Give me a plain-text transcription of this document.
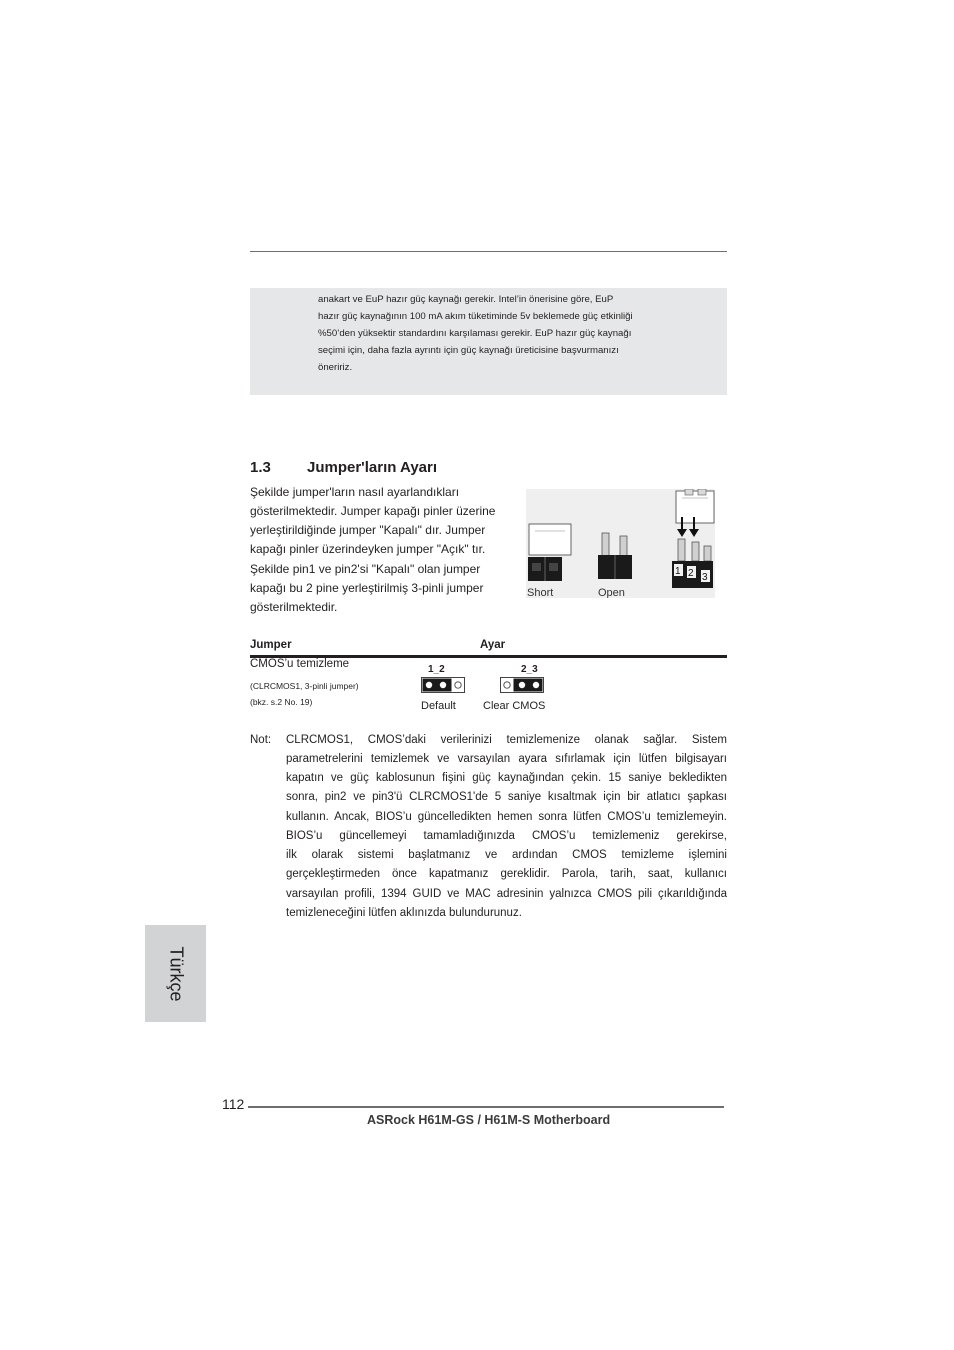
anakart ve EuP hazır güç kaynağı gerekir. Intel’in önerisine göre, EuP
hazır güç kaynağının 100 mA akım tüketiminde 5v beklemede güç etkinliği
%50’den yüksektir standardını karşılaması gerekir. EuP hazır güç kaynağı
seçimi için, daha fazla ayrıntı için güç kaynağı üreticisine başvurmanızı
öneririz.
1.3 Jumper'ların Ayarı
Şekilde jumper'ların nasıl ayarlandıkları
gösterilmektedir. Jumper kapağı pinler üzerine
yerleştirildiğinde jumper "Kapalı" dır. Jumper
kapağı pinler üzerindeyken jumper "Açık" tır.
Şekilde pin1 ve pin2'si "Kapalı" olan jumper
kapağı bu 2 pine yerleştirilmiş 3-pinli jumper
gösterilmektedir.
1 2 3
Short	Open
Jumper	Ayar
CMOS’u temizleme
(CLRCMOS1, 3-pinli jumper)
(bkz. s.2 No. 19)
1_2
Default
2_3
Clear CMOS
Not: CLRCMOS1, CMOS’daki verilerinizi temizlemenize olanak sağlar. Sistem
parametrelerini temizlemek ve varsayılan ayara sıfırlamak için lütfen bilgisayarı
kapatın ve güç kablosunun fişini güç kaynağından çekin. 15 saniye bekledikten
sonra, pin2 ve pin3'ü CLRCMOS1'de 5 saniye kısaltmak için bir atlatıcı şapkası
kullanın. Ancak, BIOS’u güncelledikten hemen sonra lütfen CMOS’u temizlemeyin.
BIOS’u güncellemeyi tamamladığınızda CMOS’u temizlemeniz gerekirse,
ilk olarak sistemi başlatmanız ve ardından CMOS temizleme işlemini
gerçekleştirmeden önce kapatmanız gereklidir. Parola, tarih, saat, kullanıcı
varsayılan profili, 1394 GUID ve MAC adresinin yalnızca CMOS pili çıkarıldığında
temizleneceğini lütfen aklınızda bulundurunuz.
Türkçe
112
ASRock H61M-GS / H61M-S Motherboard
